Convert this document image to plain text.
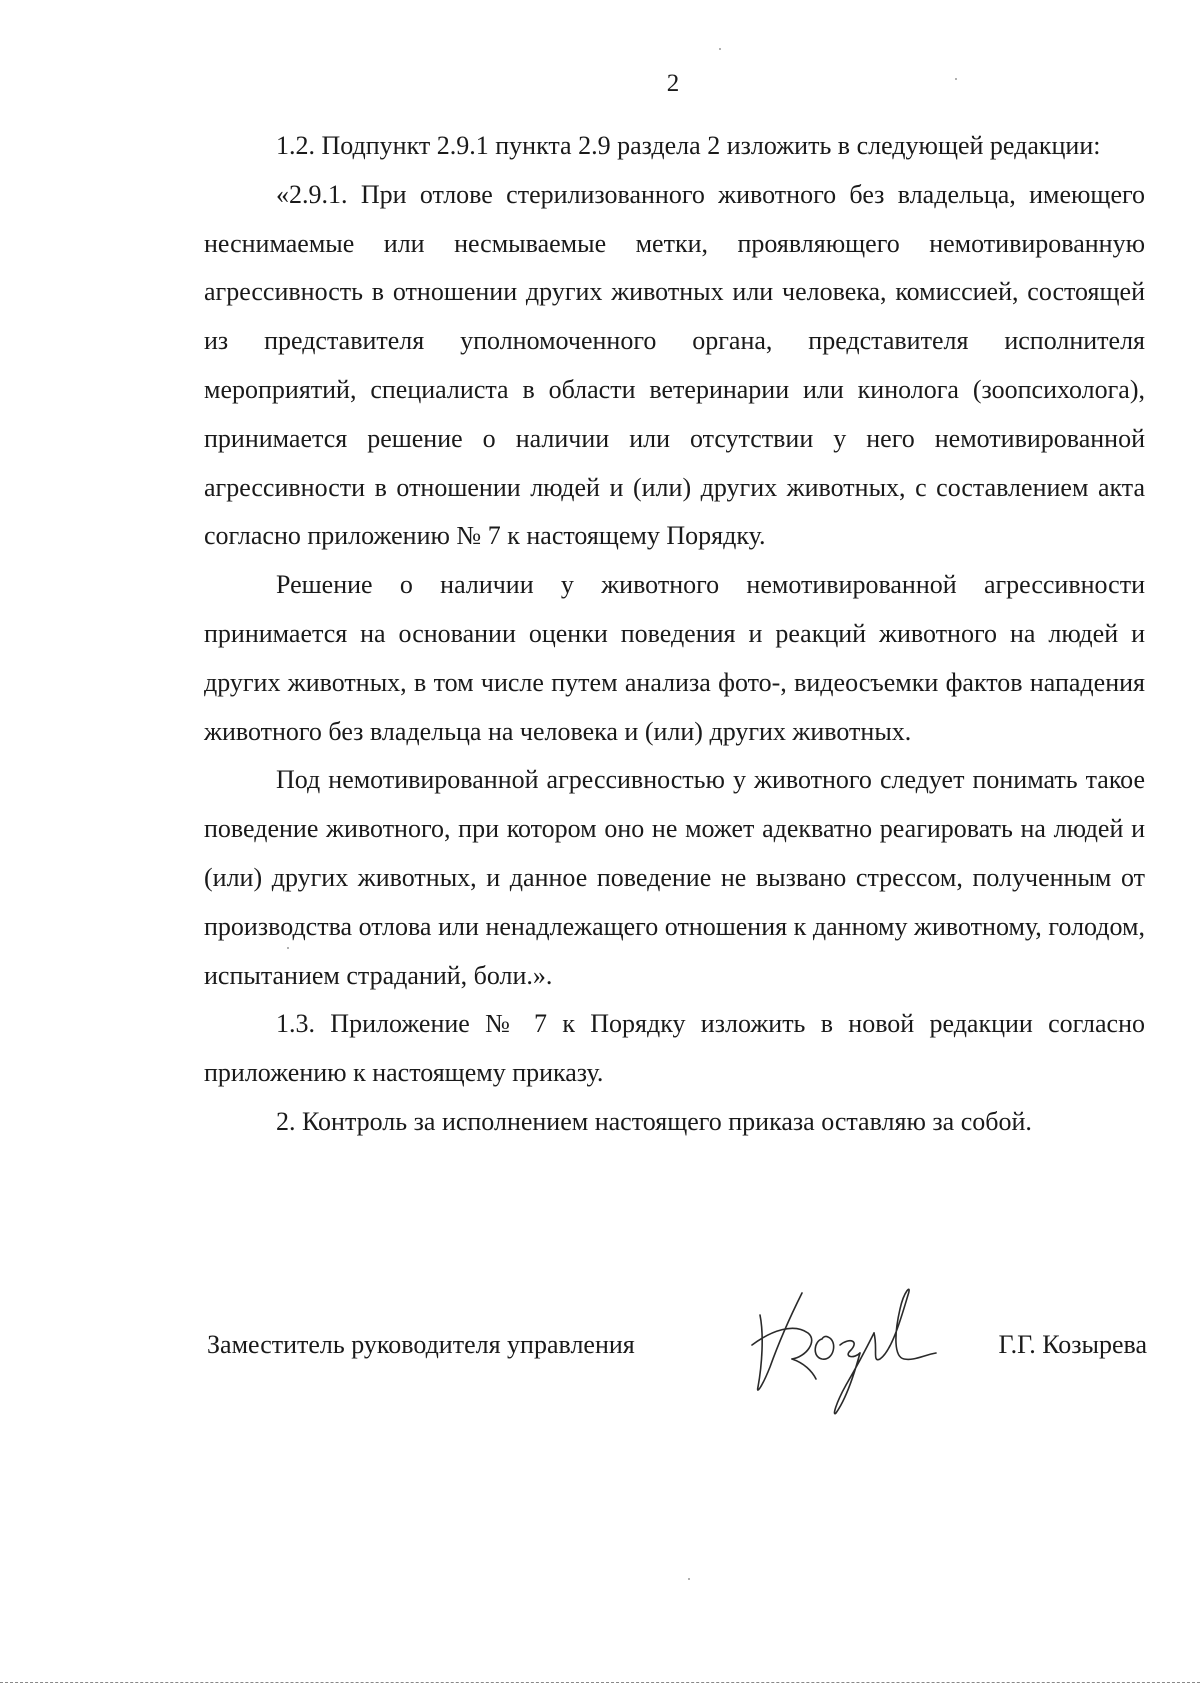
2

1.2. Подпункт 2.9.1 пункта 2.9 раздела 2 изложить в следующей редакции:

«2.9.1. При отлове стерилизованного животного без владельца, имеющего неснимаемые или несмываемые метки, проявляющего немотивированную агрессивность в отношении других животных или человека, комиссией, состоящей из представителя уполномоченного органа, представителя исполнителя мероприятий, специалиста в области ветеринарии или кинолога (зоопсихолога), принимается решение о наличии или отсутствии у него немотивированной агрессивности в отношении людей и (или) других животных, с составлением акта согласно приложению № 7 к настоящему Порядку.

Решение о наличии у животного немотивированной агрессивности принимается на основании оценки поведения и реакций животного на людей и других животных, в том числе путем анализа фото-, видеосъемки фактов нападения животного без владельца на человека и (или) других животных.

Под немотивированной агрессивностью у животного следует понимать такое поведение животного, при котором оно не может адекватно реагировать на людей и (или) других животных, и данное поведение не вызвано стрессом, полученным от производства отлова или ненадлежащего отношения к данному животному, голодом, испытанием страданий, боли.».

1.3. Приложение № 7 к Порядку изложить в новой редакции согласно приложению к настоящему приказу.

2. Контроль за исполнением настоящего приказа оставляю за собой.

Заместитель руководителя управления	Г.Г. Козырева
